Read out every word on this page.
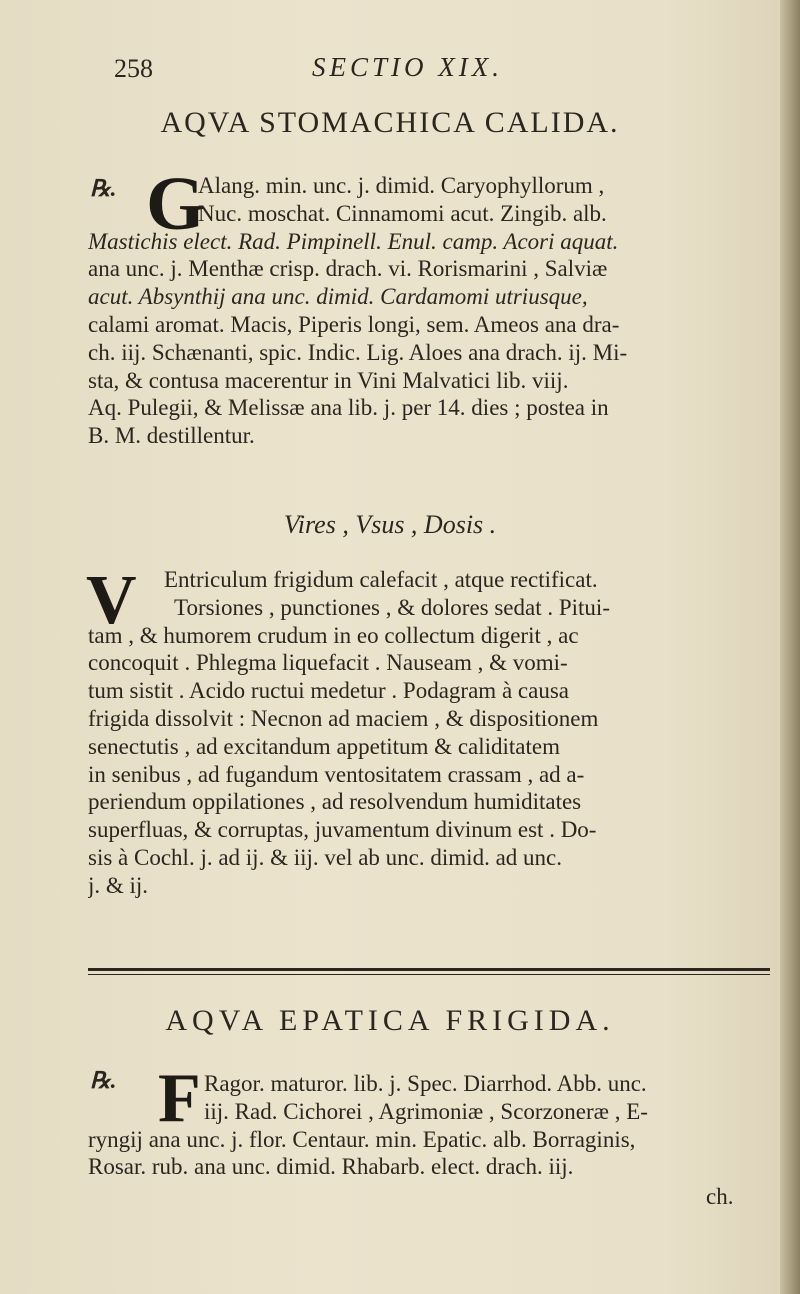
258	SECTIO XIX.
AQVA STOMACHICA CALIDA.
℞. G
Alang. min. unc. j. dimid. Caryophyllorum ,
Nuc. moschat. Cinnamomi acut. Zingib. alb.
Mastichis elect. Rad. Pimpinell. Enul. camp. Acori aquat.
ana unc. j. Menthæ crisp. drach. vi. Rorismarini , Salviæ
acut. Absynthij ana unc. dimid. Cardamomi utriusque,
calami aromat. Macis, Piperis longi, sem. Ameos ana dra-
ch. iij. Schænanti, spic. Indic. Lig. Aloes ana drach. ij. Mi-
sta, & contusa macerentur in Vini Malvatici lib. viij.
Aq. Pulegii, & Melissæ ana lib. j. per 14. dies ; postea in
B. M. destillentur.
Vires , Vsus , Dosis .
V	Entriculum frigidum calefacit , atque rectificat.
Torsiones , punctiones , & dolores sedat . Pitui-
tam , & humorem crudum in eo collectum digerit , ac
concoquit . Phlegma liquefacit . Nauseam , & vomi-
tum sistit . Acido ructui medetur . Podagram à causa
frigida dissolvit : Necnon ad maciem , & dispositionem
senectutis , ad excitandum appetitum & caliditatem
in senibus , ad fugandum ventositatem crassam , ad a-
periendum oppilationes , ad resolvendum humiditates
superfluas, & corruptas, juvamentum divinum est . Do-
sis à Cochl. j. ad ij. & iij. vel ab unc. dimid. ad unc.
j. & ij.
AQVA EPATICA FRIGIDA.
℞. F Ragor. maturor. lib. j. Spec. Diarrhod. Abb. unc.
iij. Rad. Cichorei , Agrimoniæ , Scorzoneræ , E-
ryngij ana unc. j. flor. Centaur. min. Epatic. alb. Borraginis,
Rosar. rub. ana unc. dimid. Rhabarb. elect. drach. iij.
ch.
